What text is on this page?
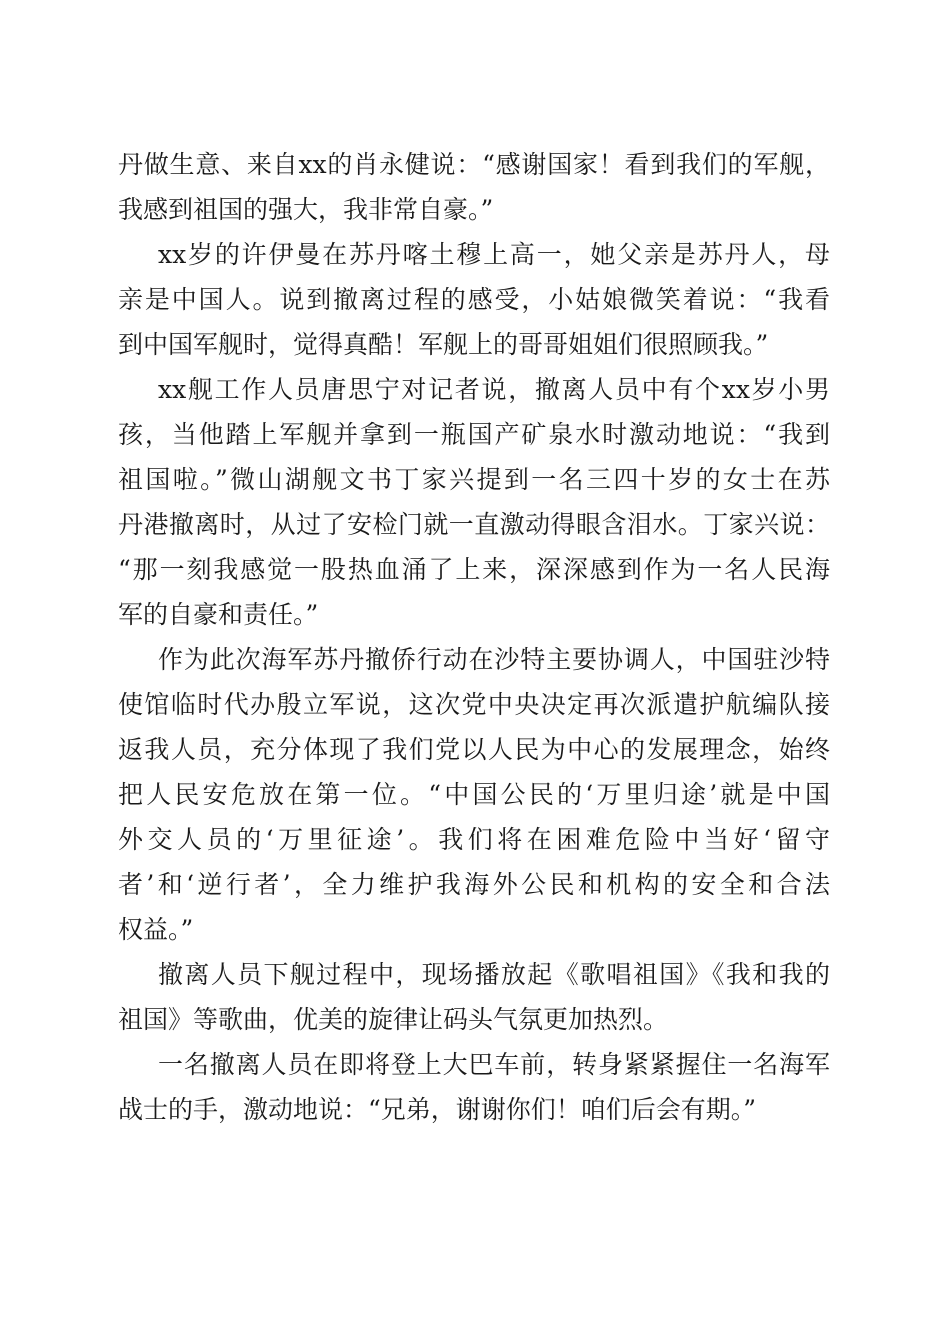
丹做生意、来自xx的肖永健说：“感谢国家！看到我们的军舰，
我感到祖国的强大，我非常自豪。”
xx岁的许伊曼在苏丹喀土穆上高一，她父亲是苏丹人，母
亲是中国人。说到撤离过程的感受，小姑娘微笑着说：“我看
到中国军舰时，觉得真酷！军舰上的哥哥姐姐们很照顾我。”
xx舰工作人员唐思宁对记者说，撤离人员中有个xx岁小男
孩，当他踏上军舰并拿到一瓶国产矿泉水时激动地说：“我到
祖国啦。”微山湖舰文书丁家兴提到一名三四十岁的女士在苏
丹港撤离时，从过了安检门就一直激动得眼含泪水。丁家兴说：
“那一刻我感觉一股热血涌了上来，深深感到作为一名人民海
军的自豪和责任。”
作为此次海军苏丹撤侨行动在沙特主要协调人，中国驻沙特
使馆临时代办殷立军说，这次党中央决定再次派遣护航编队接
返我人员，充分体现了我们党以人民为中心的发展理念，始终
把人民安危放在第一位。“中国公民的‘万里归途’就是中国
外交人员的‘万里征途’。我们将在困难危险中当好‘留守
者’和‘逆行者’，全力维护我海外公民和机构的安全和合法
权益。”
撤离人员下舰过程中，现场播放起《歌唱祖国》《我和我的
祖国》等歌曲，优美的旋律让码头气氛更加热烈。
一名撤离人员在即将登上大巴车前，转身紧紧握住一名海军
战士的手，激动地说：“兄弟，谢谢你们！咱们后会有期。”
